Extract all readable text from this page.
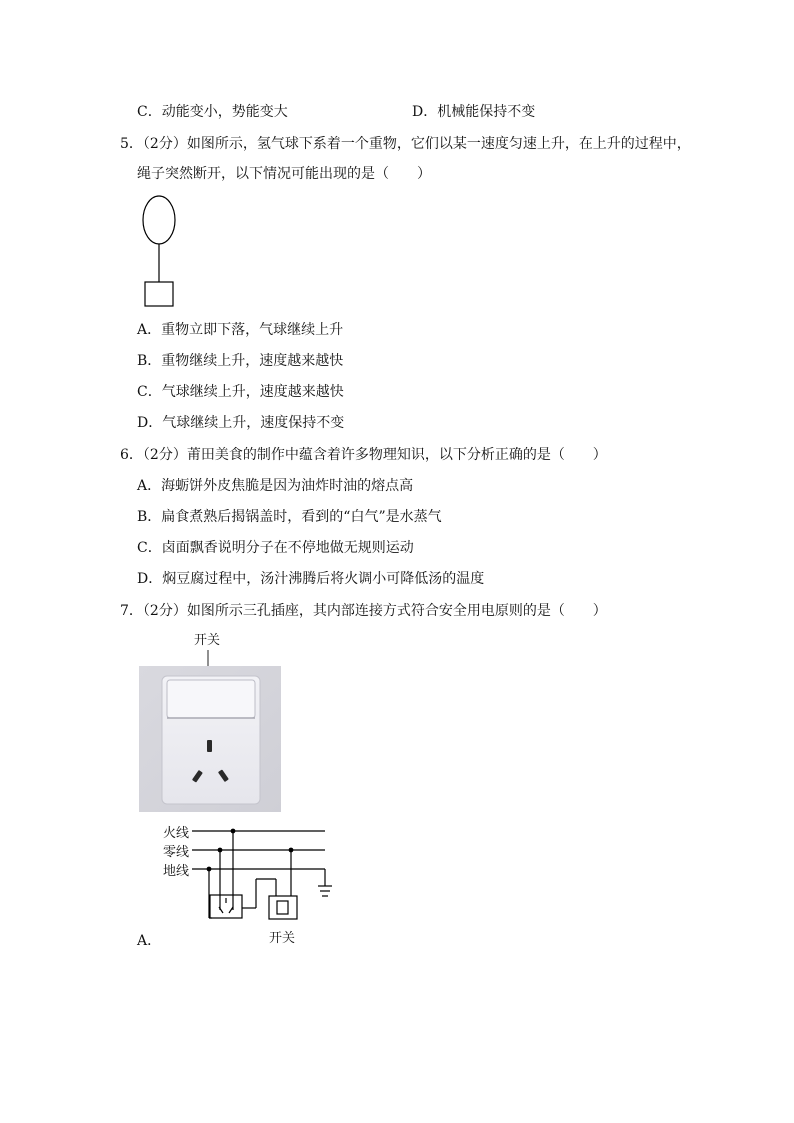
C．动能变小，势能变大	D．机械能保持不变
5．（2分）如图所示，氢气球下系着一个重物，它们以某一速度匀速上升，在上升的过程中，
绳子突然断开，以下情况可能出现的是（　　）
A．重物立即下落，气球继续上升
B．重物继续上升，速度越来越快
C．气球继续上升，速度越来越快
D．气球继续上升，速度保持不变
6．（2分）莆田美食的制作中蕴含着许多物理知识，以下分析正确的是（　　）
A．海蛎饼外皮焦脆是因为油炸时油的熔点高
B．扁食煮熟后揭锅盖时，看到的“白气”是水蒸气
C．卤面飘香说明分子在不停地做无规则运动
D．焖豆腐过程中，汤汁沸腾后将火调小可降低汤的温度
7．（2分）如图所示三孔插座，其内部连接方式符合安全用电原则的是（　　）
开关
火线
零线
地线
开关
A．
